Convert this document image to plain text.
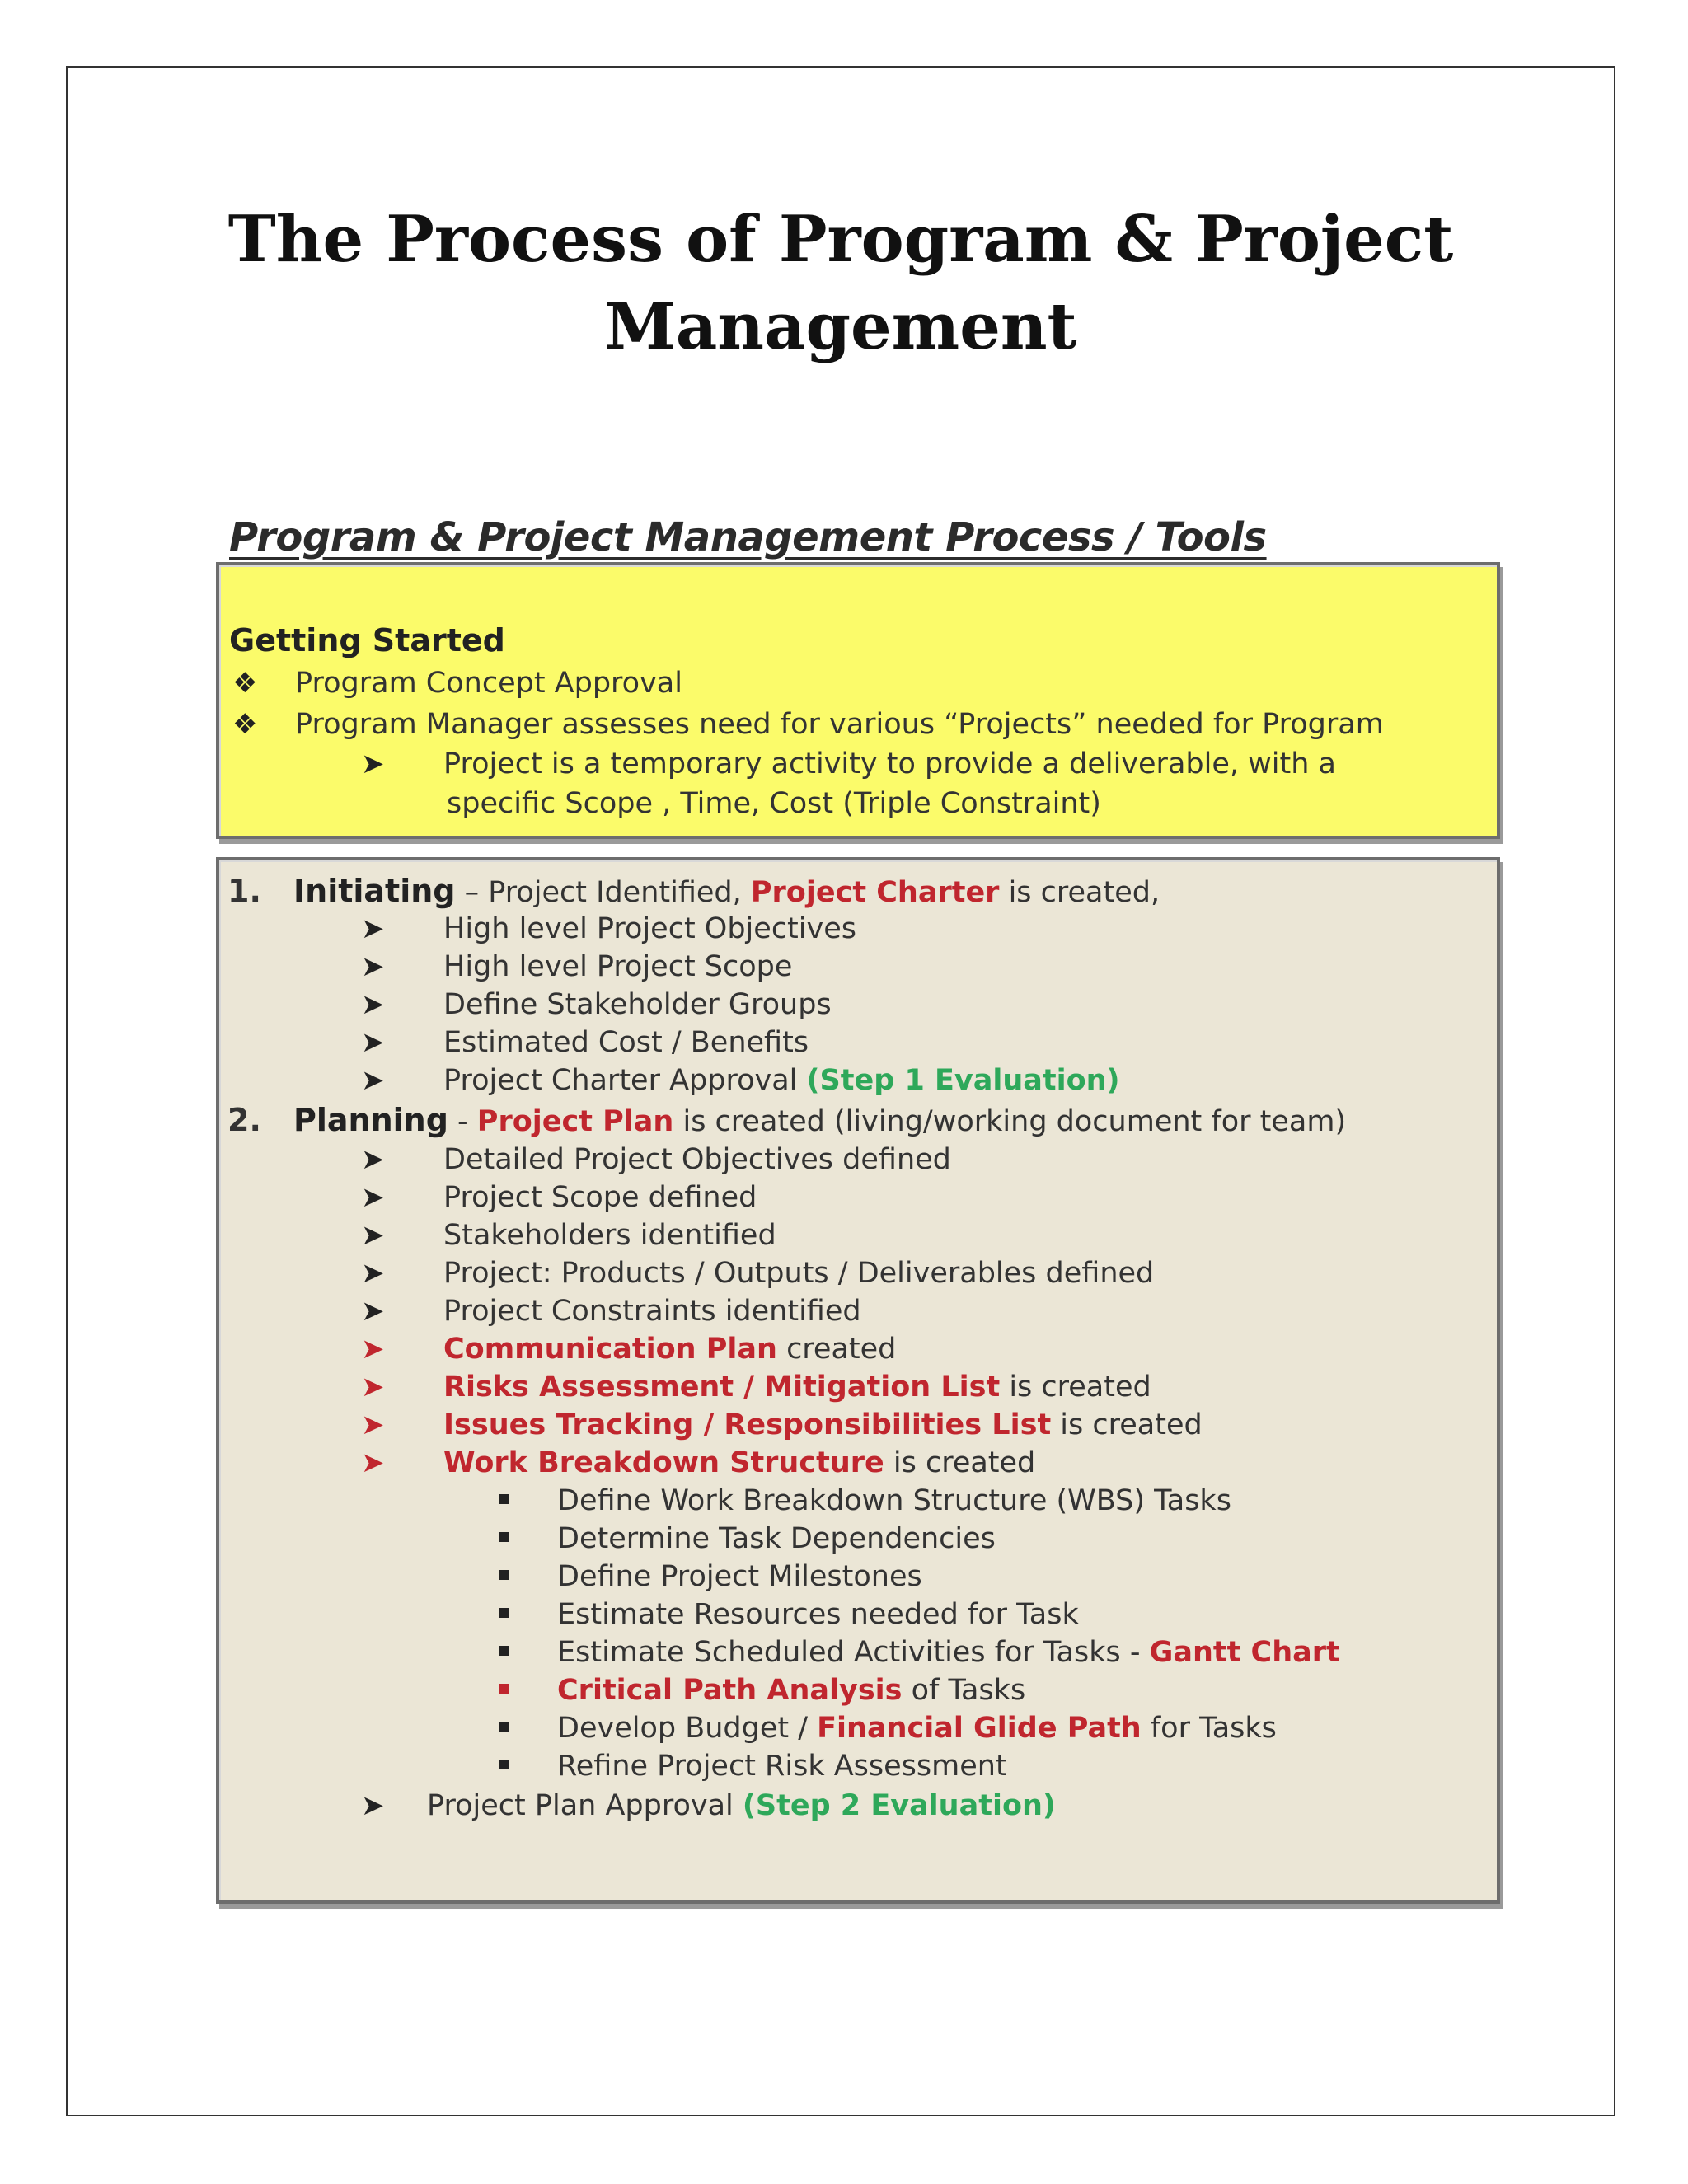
The Process of Program & Project
Management
Program & Project Management Process / Tools
Getting Started
❖ Program Concept Approval
❖ Program Manager assesses need for various “Projects” needed for Program
➤ Project is a temporary activity to provide a deliverable, with a
specific Scope , Time, Cost (Triple Constraint)
1. Initiating – Project Identified, Project Charter is created,
➤ High level Project Objectives
➤ High level Project Scope
➤ Define Stakeholder Groups
➤ Estimated Cost / Benefits
➤ Project Charter Approval (Step 1 Evaluation)
2. Planning - Project Plan is created (living/working document for team)
➤ Detailed Project Objectives defined
➤ Project Scope defined
➤ Stakeholders identified
➤ Project: Products / Outputs / Deliverables defined
➤ Project Constraints identified
➤ Communication Plan created
➤ Risks Assessment / Mitigation List is created
➤ Issues Tracking / Responsibilities List is created
➤ Work Breakdown Structure is created
Define Work Breakdown Structure (WBS) Tasks
Determine Task Dependencies
Define Project Milestones
Estimate Resources needed for Task
Estimate Scheduled Activities for Tasks - Gantt Chart
Critical Path Analysis of Tasks
Develop Budget / Financial Glide Path for Tasks
Refine Project Risk Assessment
➤ Project Plan Approval (Step 2 Evaluation)
